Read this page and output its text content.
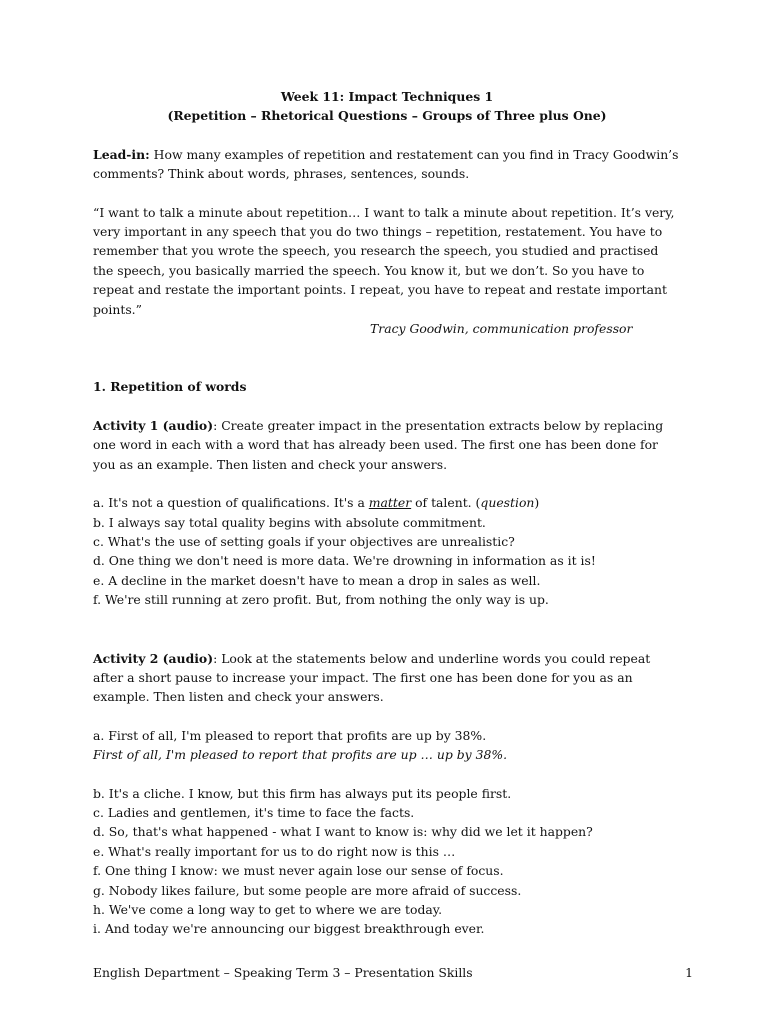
Week 11: Impact Techniques 1

(Repetition – Rhetorical Questions – Groups of Three plus One)

Lead-in: How many examples of repetition and restatement can you find in Tracy Goodwin’s comments? Think about words, phrases, sentences, sounds.

“I want to talk a minute about repetition… I want to talk a minute about repetition. It’s very, very important in any speech that you do two things – repetition, restatement. You have to remember that you wrote the speech, you research the speech, you studied and practised the speech, you basically married the speech. You know it, but we don’t. So you have to repeat and restate the important points. I repeat, you have to repeat and restate important points.”

Tracy Goodwin, communication professor

1. Repetition of words

Activity 1 (audio): Create greater impact in the presentation extracts below by replacing one word in each with a word that has already been used. The first one has been done for you as an example. Then listen and check your answers.

a. It's not a question of qualifications. It's a matter of talent. (question)

b. I always say total quality begins with absolute commitment.

c. What's the use of setting goals if your objectives are unrealistic?

d. One thing we don't need is more data. We're drowning in information as it is!

e. A decline in the market doesn't have to mean a drop in sales as well.

f. We're still running at zero profit. But, from nothing the only way is up.

Activity 2 (audio): Look at the statements below and underline words you could repeat after a short pause to increase your impact. The first one has been done for you as an example. Then listen and check your answers.

a. First of all, I'm pleased to report that profits are up by 38%.

First of all, I'm pleased to report that profits are up … up by 38%.

b. It's a cliche. I know, but this firm has always put its people first.

c. Ladies and gentlemen, it's time to face the facts.

d. So, that's what happened - what I want to know is: why did we let it happen?

e. What's really important for us to do right now is this …

f. One thing I know: we must never again lose our sense of focus.

g. Nobody likes failure, but some people are more afraid of success.

h. We've come a long way to get to where we are today.

i. And today we're announcing our biggest breakthrough ever.

English Department – Speaking Term 3 – Presentation Skills	1
